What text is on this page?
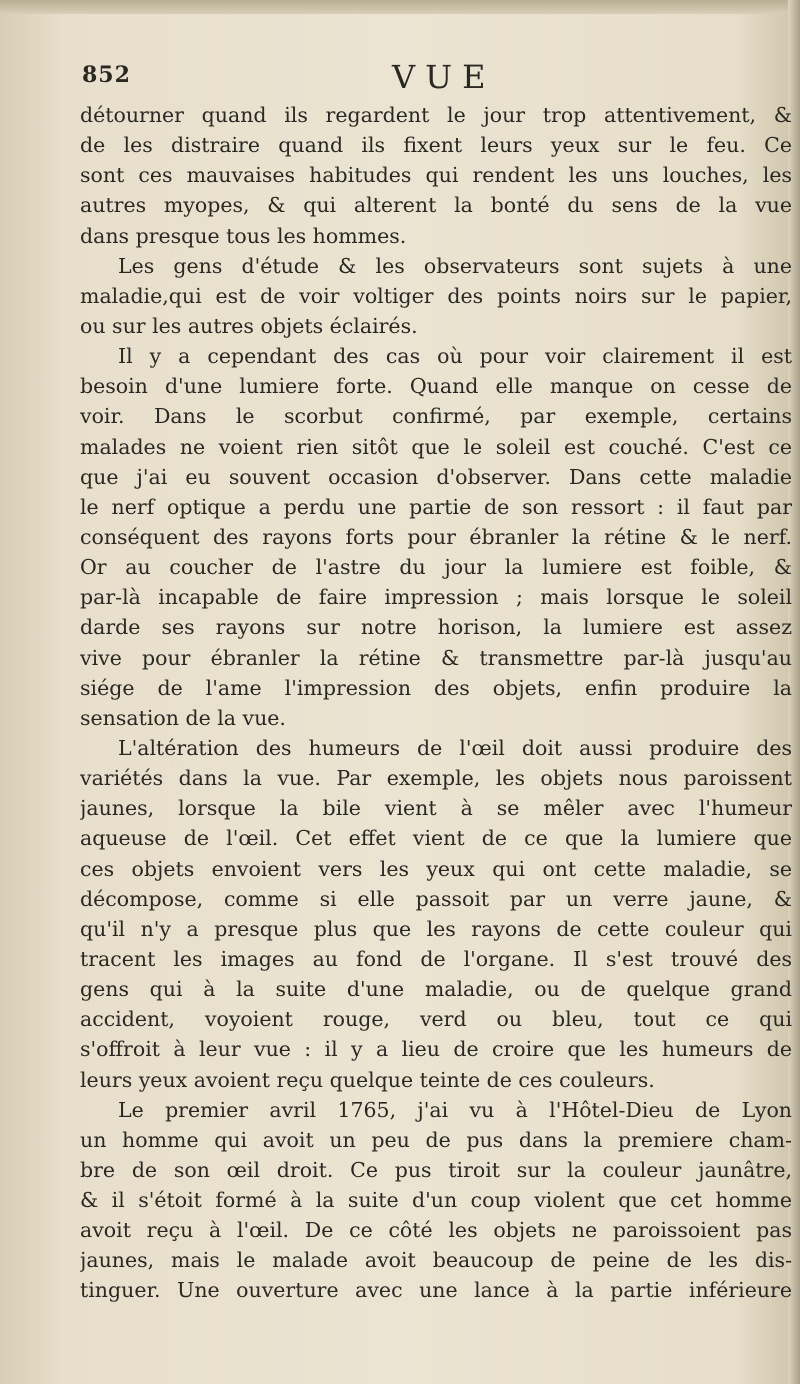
852	VUE
détourner quand ils regardent le jour trop attentivement, &
de les distraire quand ils fixent leurs yeux sur le feu. Ce
sont ces mauvaises habitudes qui rendent les uns louches, les
autres myopes, & qui alterent la bonté du sens de la vue
dans presque tous les hommes.
Les gens d'étude & les observateurs sont sujets à une
maladie,qui est de voir voltiger des points noirs sur le papier,
ou sur les autres objets éclairés.
Il y a cependant des cas où pour voir clairement il est
besoin d'une lumiere forte. Quand elle manque on cesse de
voir. Dans le scorbut confirmé, par exemple, certains
malades ne voient rien sitôt que le soleil est couché. C'est ce
que j'ai eu souvent occasion d'observer. Dans cette maladie
le nerf optique a perdu une partie de son ressort : il faut par
conséquent des rayons forts pour ébranler la rétine & le nerf.
Or au coucher de l'astre du jour la lumiere est foible, &
par-là incapable de faire impression ; mais lorsque le soleil
darde ses rayons sur notre horison, la lumiere est assez
vive pour ébranler la rétine & transmettre par-là jusqu'au
siége de l'ame l'impression des objets, enfin produire la
sensation de la vue.
L'altération des humeurs de l'œil doit aussi produire des
variétés dans la vue. Par exemple, les objets nous paroissent
jaunes, lorsque la bile vient à se mêler avec l'humeur
aqueuse de l'œil. Cet effet vient de ce que la lumiere que
ces objets envoient vers les yeux qui ont cette maladie, se
décompose, comme si elle passoit par un verre jaune, &
qu'il n'y a presque plus que les rayons de cette couleur qui
tracent les images au fond de l'organe. Il s'est trouvé des
gens qui à la suite d'une maladie, ou de quelque grand
accident, voyoient rouge, verd ou bleu, tout ce qui
s'offroit à leur vue : il y a lieu de croire que les humeurs de
leurs yeux avoient reçu quelque teinte de ces couleurs.
Le premier avril 1765, j'ai vu à l'Hôtel-Dieu de Lyon
un homme qui avoit un peu de pus dans la premiere cham-
bre de son œil droit. Ce pus tiroit sur la couleur jaunâtre,
& il s'étoit formé à la suite d'un coup violent que cet homme
avoit reçu à l'œil. De ce côté les objets ne paroissoient pas
jaunes, mais le malade avoit beaucoup de peine de les dis-
tinguer. Une ouverture avec une lance à la partie inférieure
